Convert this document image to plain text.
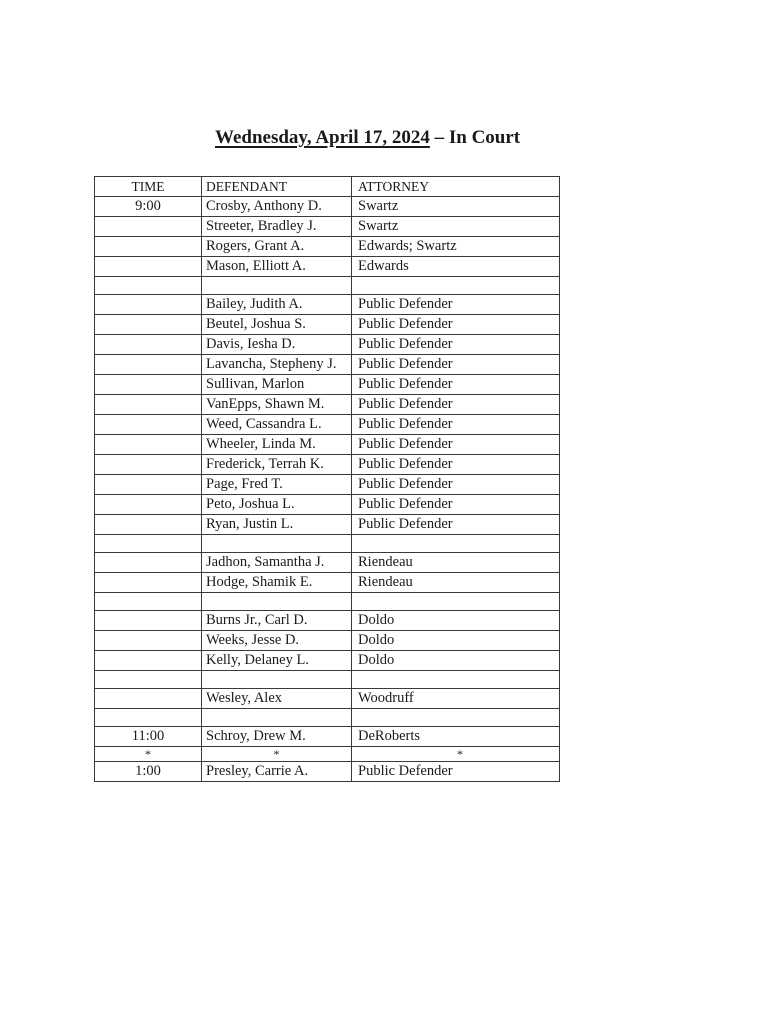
Wednesday, April 17, 2024 – In Court
TIME	DEFENDANT	ATTORNEY
9:00	Crosby, Anthony D.	Swartz
	Streeter, Bradley J.	Swartz
	Rogers, Grant A.	Edwards; Swartz
	Mason, Elliott A.	Edwards

	Bailey, Judith A.	Public Defender
	Beutel, Joshua S.	Public Defender
	Davis, Iesha D.	Public Defender
	Lavancha, Stepheny J.	Public Defender
	Sullivan, Marlon	Public Defender
	VanEpps, Shawn M.	Public Defender
	Weed, Cassandra L.	Public Defender
	Wheeler, Linda M.	Public Defender
	Frederick, Terrah K.	Public Defender
	Page, Fred T.	Public Defender
	Peto, Joshua L.	Public Defender
	Ryan, Justin L.	Public Defender

	Jadhon, Samantha J.	Riendeau
	Hodge, Shamik E.	Riendeau

	Burns Jr., Carl D.	Doldo
	Weeks, Jesse D.	Doldo
	Kelly, Delaney L.	Doldo

	Wesley, Alex	Woodruff

11:00	Schroy, Drew M.	DeRoberts
*	*	*
1:00	Presley, Carrie A.	Public Defender
